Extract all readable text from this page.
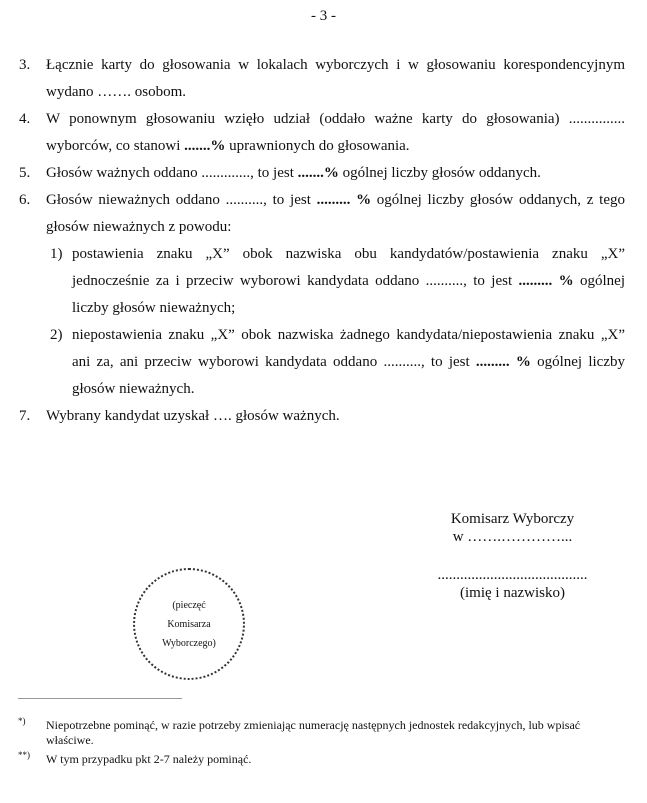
- 3 -
3. Łącznie karty do głosowania w lokalach wyborczych i w głosowaniu korespondencyjnym wydano ……. osobom.
4. W ponownym głosowaniu wzięło udział (oddało ważne karty do głosowania) ............... wyborców, co stanowi .......% uprawnionych do głosowania.
5. Głosów ważnych oddano ............., to jest .......% ogólnej liczby głosów oddanych.
6. Głosów nieważnych oddano .........., to jest ......... % ogólnej liczby głosów oddanych, z tego głosów nieważnych z powodu:
1) postawienia znaku „X” obok nazwiska obu kandydatów/postawienia znaku „X” jednocześnie za i przeciw wyborowi kandydata oddano .........., to jest ......... % ogólnej liczby głosów nieważnych;
2) niepostawienia znaku „X” obok nazwiska żadnego kandydata/niepostawienia znaku „X” ani za, ani przeciw wyborowi kandydata oddano .........., to jest ......... % ogólnej liczby głosów nieważnych.
7. Wybrany kandydat uzyskał …. głosów ważnych.
Komisarz Wyborczy
w …….…………...
........................................
(imię i nazwisko)
(pieczęć
Komisarza
Wyborczego)
*) Niepotrzebne pominąć, w razie potrzeby zmieniając numerację następnych jednostek redakcyjnych, lub wpisać właściwe.
**) W tym przypadku pkt 2-7 należy pominąć.
